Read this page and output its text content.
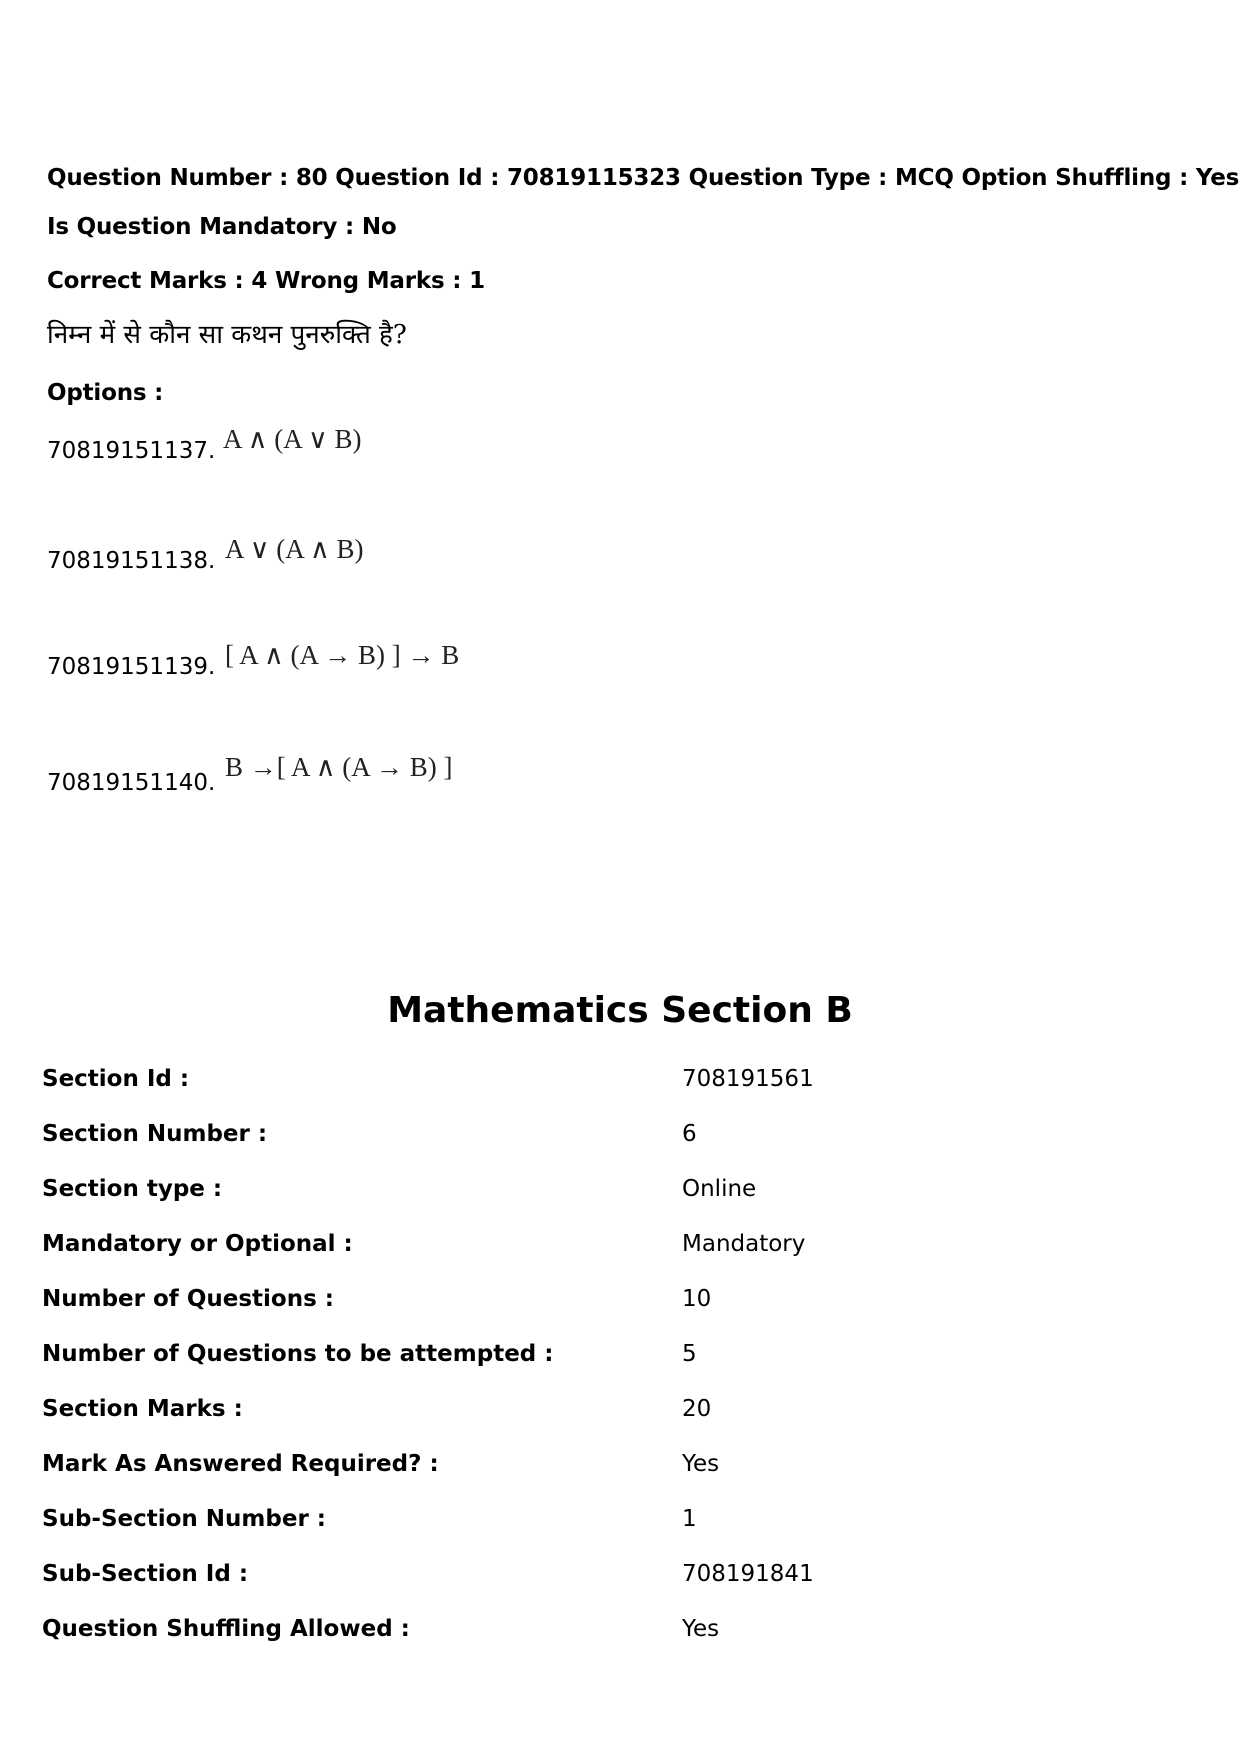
Question Number : 80 Question Id : 70819115323 Question Type : MCQ Option Shuffling : Yes
Is Question Mandatory : No
Correct Marks : 4 Wrong Marks : 1
निम्न में से कौन सा कथन पुनरुक्ति है?
Options :
70819151137. A ∧ (A ∨ B)
70819151138. A ∨ (A ∧ B)
70819151139. [ A ∧ (A → B) ] → B
70819151140.
B →[ A ∧ (A → B) ]
Mathematics Section B
Section Id :	708191561
Section Number :	6
Section type :	Online
Mandatory or Optional :	Mandatory
Number of Questions :	10
Number of Questions to be attempted :	5
Section Marks :	20
Mark As Answered Required? :	Yes
Sub-Section Number :	1
Sub-Section Id :	708191841
Question Shuffling Allowed :	Yes
